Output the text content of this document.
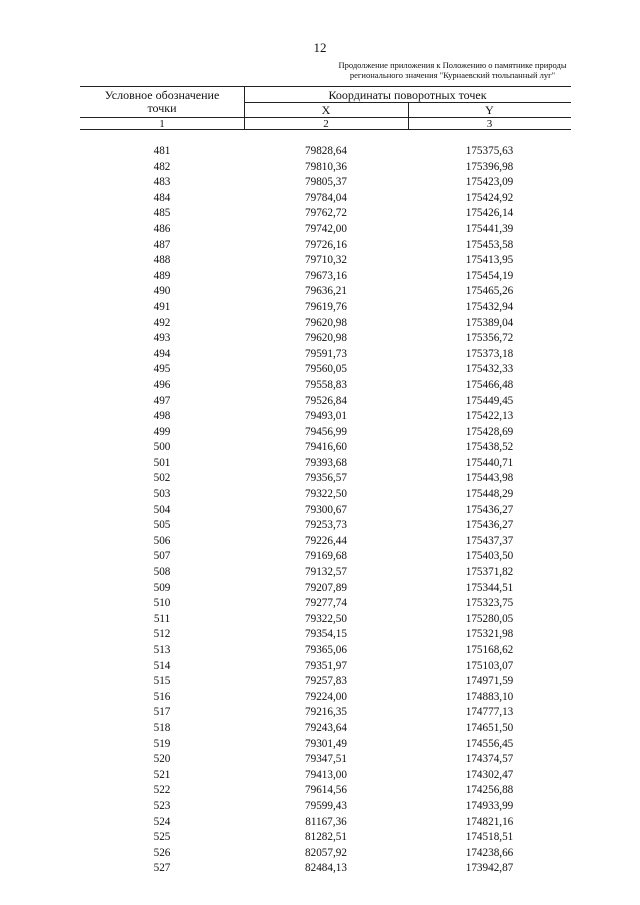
12
Продолжение приложения к Положению о памятнике природы
регионального значения "Курнаевский тюльпанный луг"
Условное обозначение
точки
Координаты поворотных точек
X	Y
1	2	3
481	79828,64	175375,63
482	79810,36	175396,98
483	79805,37	175423,09
484	79784,04	175424,92
485	79762,72	175426,14
486	79742,00	175441,39
487	79726,16	175453,58
488	79710,32	175413,95
489	79673,16	175454,19
490	79636,21	175465,26
491	79619,76	175432,94
492	79620,98	175389,04
493	79620,98	175356,72
494	79591,73	175373,18
495	79560,05	175432,33
496	79558,83	175466,48
497	79526,84	175449,45
498	79493,01	175422,13
499	79456,99	175428,69
500	79416,60	175438,52
501	79393,68	175440,71
502	79356,57	175443,98
503	79322,50	175448,29
504	79300,67	175436,27
505	79253,73	175436,27
506	79226,44	175437,37
507	79169,68	175403,50
508	79132,57	175371,82
509	79207,89	175344,51
510	79277,74	175323,75
511	79322,50	175280,05
512	79354,15	175321,98
513	79365,06	175168,62
514	79351,97	175103,07
515	79257,83	174971,59
516	79224,00	174883,10
517	79216,35	174777,13
518	79243,64	174651,50
519	79301,49	174556,45
520	79347,51	174374,57
521	79413,00	174302,47
522	79614,56	174256,88
523	79599,43	174933,99
524	81167,36	174821,16
525	81282,51	174518,51
526	82057,92	174238,66
527	82484,13	173942,87
